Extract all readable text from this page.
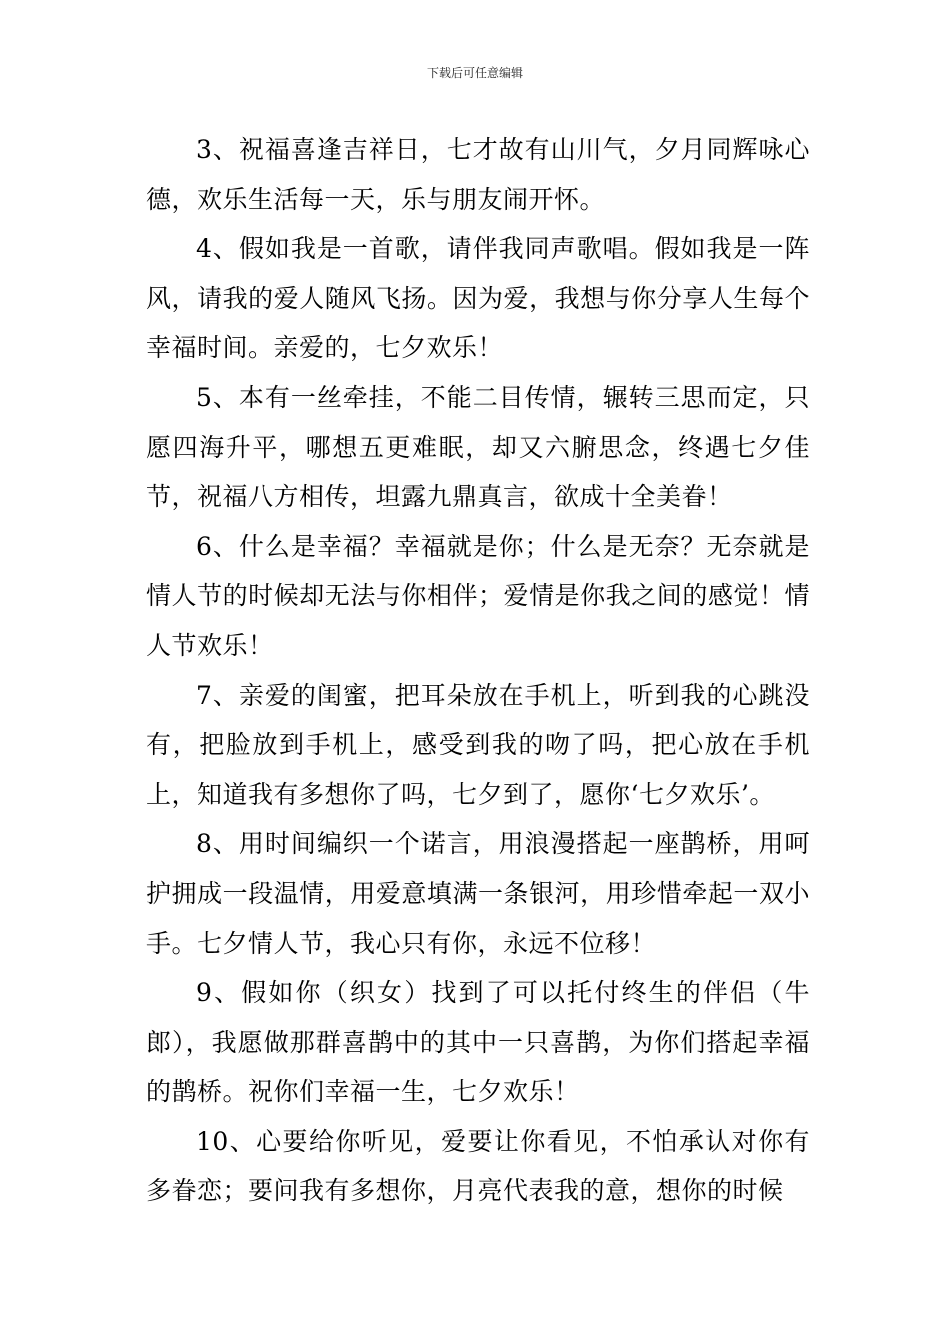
下载后可任意编辑

3、祝福喜逢吉祥日，七才故有山川气，夕月同辉咏心德，欢乐生活每一天，乐与朋友闹开怀。

4、假如我是一首歌，请伴我同声歌唱。假如我是一阵风，请我的爱人随风飞扬。因为爱，我想与你分享人生每个幸福时间。亲爱的，七夕欢乐！

5、本有一丝牵挂，不能二目传情，辗转三思而定，只愿四海升平，哪想五更难眠，却又六腑思念，终遇七夕佳节，祝福八方相传，坦露九鼎真言，欲成十全美眷！

6、什么是幸福？幸福就是你；什么是无奈？无奈就是情人节的时候却无法与你相伴；爱情是你我之间的感觉！情人节欢乐！

7、亲爱的闺蜜，把耳朵放在手机上，听到我的心跳没有，把脸放到手机上，感受到我的吻了吗，把心放在手机上，知道我有多想你了吗，七夕到了，愿你‘七夕欢乐’。

8、用时间编织一个诺言，用浪漫搭起一座鹊桥，用呵护拥成一段温情，用爱意填满一条银河，用珍惜牵起一双小手。七夕情人节，我心只有你，永远不位移！

9、假如你（织女）找到了可以托付终生的伴侣（牛郎），我愿做那群喜鹊中的其中一只喜鹊，为你们搭起幸福的鹊桥。祝你们幸福一生，七夕欢乐！

10、心要给你听见，爱要让你看见，不怕承认对你有多眷恋；要问我有多想你，月亮代表我的意，想你的时候
